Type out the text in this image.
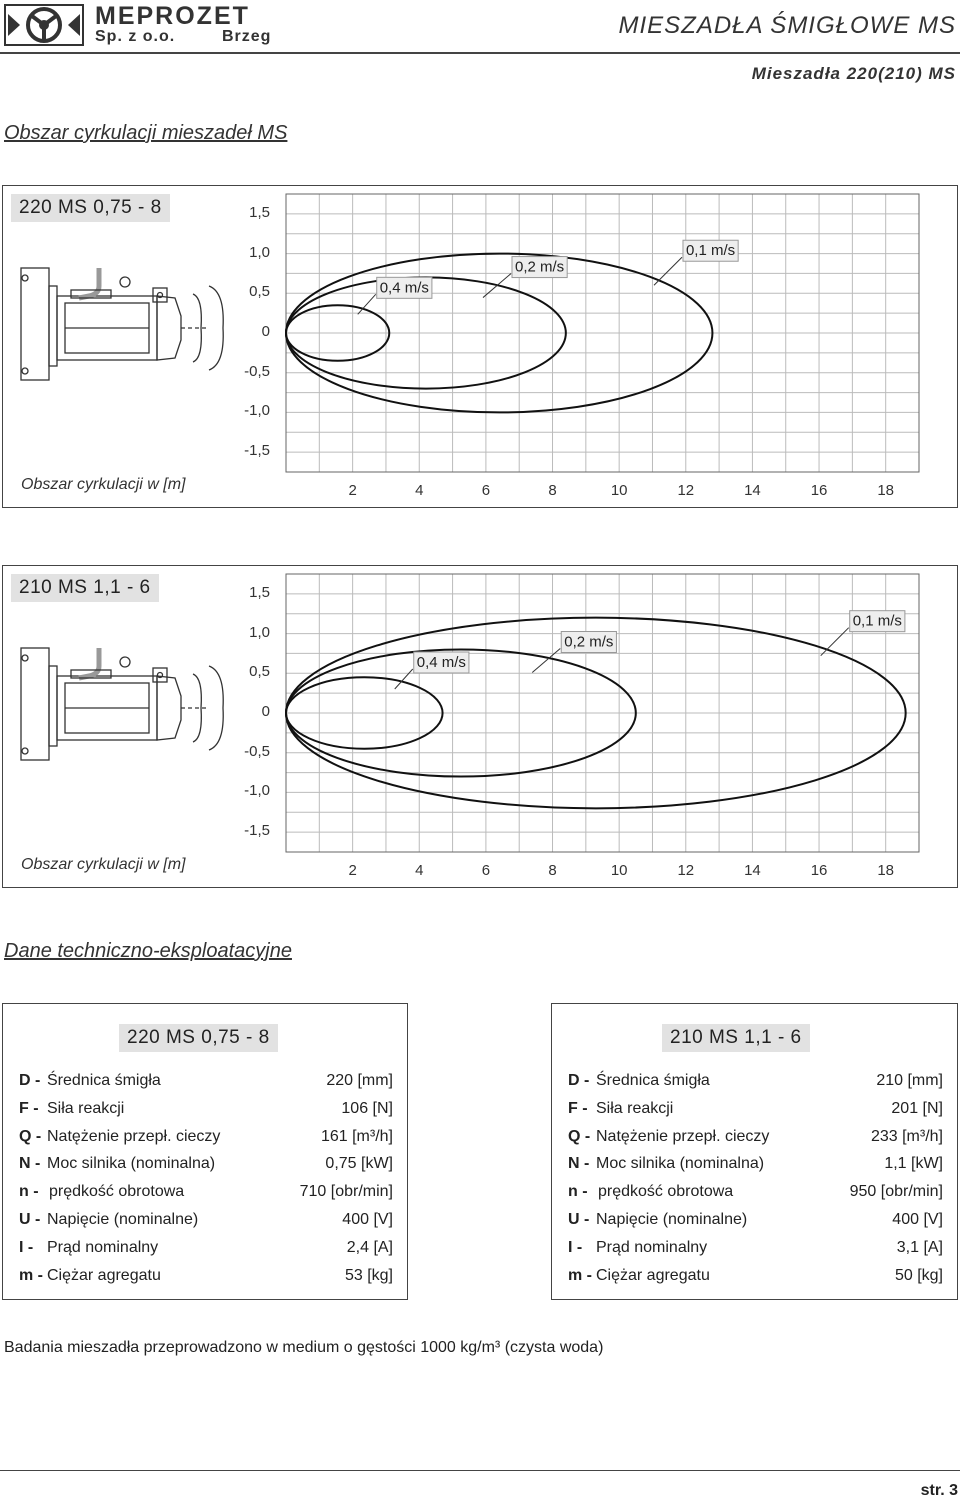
MEPROZET
Sp. z o.o.	Brzeg	MIESZADŁA ŚMIGŁOWE MS
Mieszadła 220(210) MS
Obszar cyrkulacji mieszadeł MS
0,4 m/s
0,2 m/s
0,1 m/s
220 MS 0,75 - 8
Obszar cyrkulacji w [m]
1,5
1,0
0,5
0
-0,5
-1,0
-1,5
2	4	6	8	10	12	14	16	18
0,4 m/s
0,2 m/s
0,1 m/s
210 MS 1,1 - 6
Obszar cyrkulacji w [m]
1,5
1,0
0,5
0
-0,5
-1,0
-1,5
2	4	6	8	10	12	14	16	18
Dane techniczno-eksploatacyjne
220 MS 0,75 - 8
D - Średnica śmigła	220 [mm]
F - Siła reakcji	106 [N]
Q - Natężenie przepł. cieczy	161 [m³/h]
N - Moc silnika (nominalna)	0,75 [kW]
n - prędkość obrotowa	710 [obr/min]
U - Napięcie (nominalne)	400 [V]
I - Prąd nominalny	2,4 [A]
m - Ciężar agregatu	53 [kg]
210 MS 1,1 - 6
D - Średnica śmigła	210 [mm]
F - Siła reakcji	201 [N]
Q - Natężenie przepł. cieczy	233 [m³/h]
N - Moc silnika (nominalna)	1,1 [kW]
n - prędkość obrotowa	950 [obr/min]
U - Napięcie (nominalne)	400 [V]
I - Prąd nominalny	3,1 [A]
m - Ciężar agregatu	50 [kg]
Badania mieszadła przeprowadzono w medium o gęstości 1000 kg/m³ (czysta woda)
str. 3
